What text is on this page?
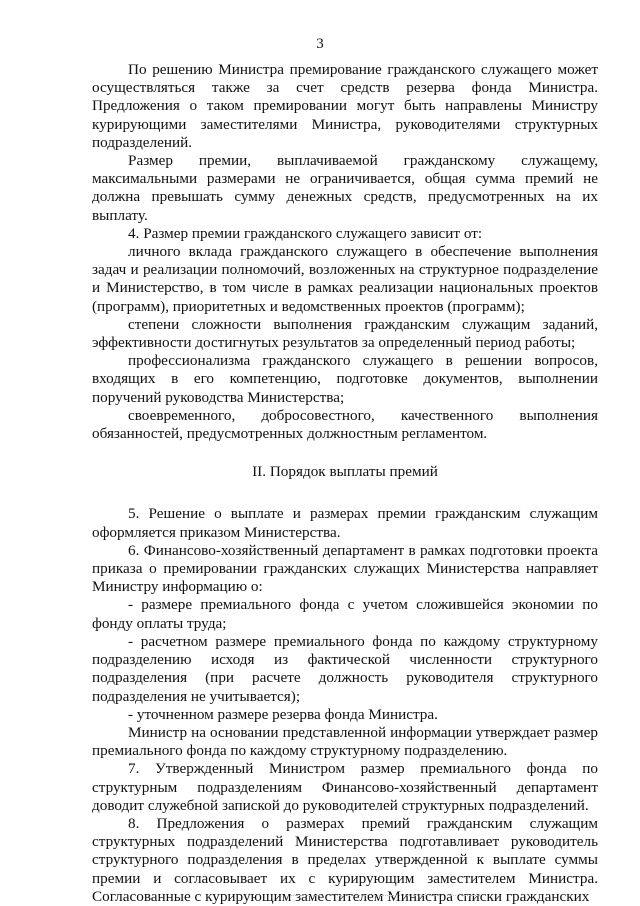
3

По решению Министра премирование гражданского служащего может осуществляться также за счет средств резерва фонда Министра. Предложения о таком премировании могут быть направлены Министру курирующими заместителями Министра, руководителями структурных подразделений.

Размер премии, выплачиваемой гражданскому служащему, максимальными размерами не ограничивается, общая сумма премий не должна превышать сумму денежных средств, предусмотренных на их выплату.

4. Размер премии гражданского служащего зависит от:

личного вклада гражданского служащего в обеспечение выполнения задач и реализации полномочий, возложенных на структурное подразделение и Министерство, в том числе в рамках реализации национальных проектов (программ), приоритетных и ведомственных проектов (программ);

степени сложности выполнения гражданским служащим заданий, эффективности достигнутых результатов за определенный период работы;

профессионализма гражданского служащего в решении вопросов, входящих в его компетенцию, подготовке документов, выполнении поручений руководства Министерства;

своевременного, добросовестного, качественного выполнения обязанностей, предусмотренных должностным регламентом.

II. Порядок выплаты премий

5. Решение о выплате и размерах премии гражданским служащим оформляется приказом Министерства.

6. Финансово-хозяйственный департамент в рамках подготовки проекта приказа о премировании гражданских служащих Министерства направляет Министру информацию о:

- размере премиального фонда с учетом сложившейся экономии по фонду оплаты труда;

- расчетном размере премиального фонда по каждому структурному подразделению исходя из фактической численности структурного подразделения (при расчете должность руководителя структурного подразделения не учитывается);

- уточненном размере резерва фонда Министра.

Министр на основании представленной информации утверждает размер премиального фонда по каждому структурному подразделению.

7. Утвержденный Министром размер премиального фонда по структурным подразделениям Финансово-хозяйственный департамент доводит служебной запиской до руководителей структурных подразделений.

8. Предложения о размерах премий гражданским служащим структурных подразделений Министерства подготавливает руководитель структурного подразделения в пределах утвержденной к выплате суммы премии и согласовывает их с курирующим заместителем Министра. Согласованные с курирующим заместителем Министра списки гражданских
